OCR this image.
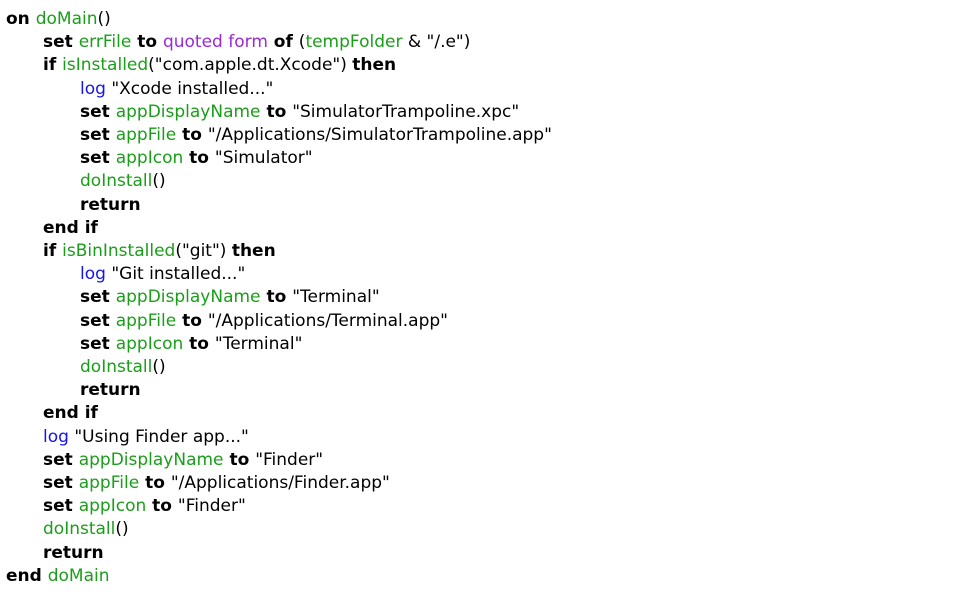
on doMain()
set errFile to quoted form of (tempFolder & "/.e")
if isInstalled("com.apple.dt.Xcode") then
log "Xcode installed..."
set appDisplayName to "SimulatorTrampoline.xpc"
set appFile to "/Applications/SimulatorTrampoline.app"
set appIcon to "Simulator"
doInstall()
return
end if
if isBinInstalled("git") then
log "Git installed..."
set appDisplayName to "Terminal"
set appFile to "/Applications/Terminal.app"
set appIcon to "Terminal"
doInstall()
return
end if
log "Using Finder app..."
set appDisplayName to "Finder"
set appFile to "/Applications/Finder.app"
set appIcon to "Finder"
doInstall()
return
end doMain
